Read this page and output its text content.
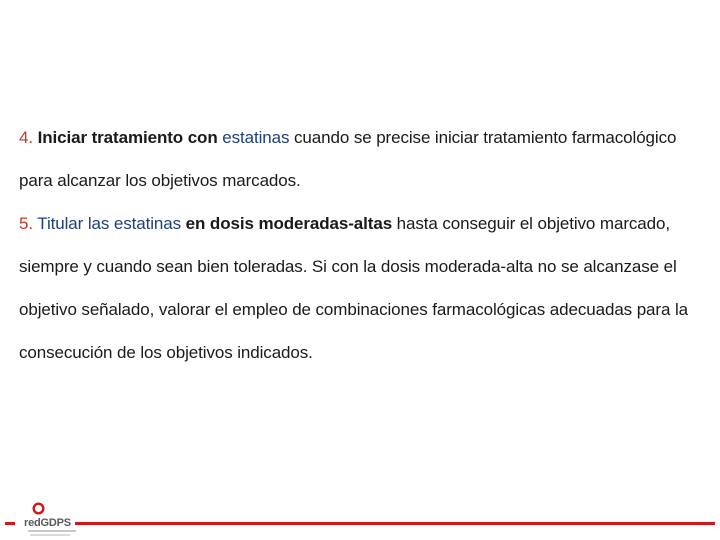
4. Iniciar tratamiento con estatinas cuando se precise iniciar tratamiento farmacológico para alcanzar los objetivos marcados.

5. Titular las estatinas en dosis moderadas-altas hasta conseguir el objetivo marcado, siempre y cuando sean bien toleradas. Si con la dosis moderada-alta no se alcanzase el objetivo señalado, valorar el empleo de combinaciones farmacológicas adecuadas para la consecución de los objetivos indicados.

redGDPS
